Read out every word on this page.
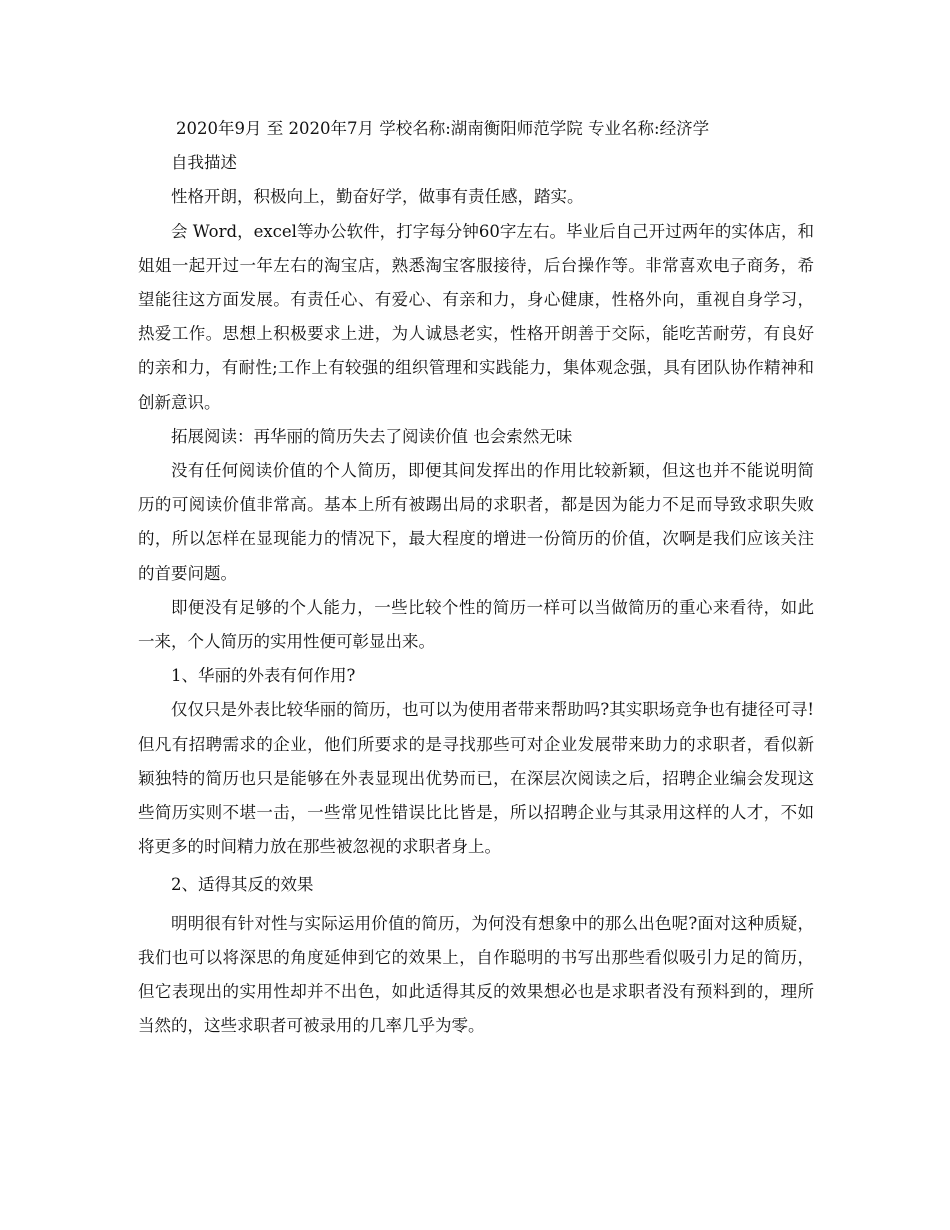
2020年9月 至 2020年7月 学校名称:湖南衡阳师范学院 专业名称:经济学

自我描述

性格开朗，积极向上，勤奋好学，做事有责任感，踏实。

会 Word，excel等办公软件，打字每分钟60字左右。毕业后自己开过两年的实体店，和姐姐一起开过一年左右的淘宝店，熟悉淘宝客服接待，后台操作等。非常喜欢电子商务，希望能往这方面发展。有责任心、有爱心、有亲和力，身心健康，性格外向，重视自身学习，热爱工作。思想上积极要求上进，为人诚恳老实，性格开朗善于交际，能吃苦耐劳，有良好的亲和力，有耐性;工作上有较强的组织管理和实践能力，集体观念强，具有团队协作精神和创新意识。

拓展阅读：再华丽的简历失去了阅读价值 也会索然无味

没有任何阅读价值的个人简历，即便其间发挥出的作用比较新颖，但这也并不能说明简历的可阅读价值非常高。基本上所有被踢出局的求职者，都是因为能力不足而导致求职失败的，所以怎样在显现能力的情况下，最大程度的增进一份简历的价值，次啊是我们应该关注的首要问题。

即便没有足够的个人能力，一些比较个性的简历一样可以当做简历的重心来看待，如此一来，个人简历的实用性便可彰显出来。

1、华丽的外表有何作用?

仅仅只是外表比较华丽的简历，也可以为使用者带来帮助吗?其实职场竞争也有捷径可寻!但凡有招聘需求的企业，他们所要求的是寻找那些可对企业发展带来助力的求职者，看似新颖独特的简历也只是能够在外表显现出优势而已，在深层次阅读之后，招聘企业编会发现这些简历实则不堪一击，一些常见性错误比比皆是，所以招聘企业与其录用这样的人才，不如将更多的时间精力放在那些被忽视的求职者身上。

2、适得其反的效果

明明很有针对性与实际运用价值的简历，为何没有想象中的那么出色呢?面对这种质疑，我们也可以将深思的角度延伸到它的效果上，自作聪明的书写出那些看似吸引力足的简历，但它表现出的实用性却并不出色，如此适得其反的效果想必也是求职者没有预料到的，理所当然的，这些求职者可被录用的几率几乎为零。
